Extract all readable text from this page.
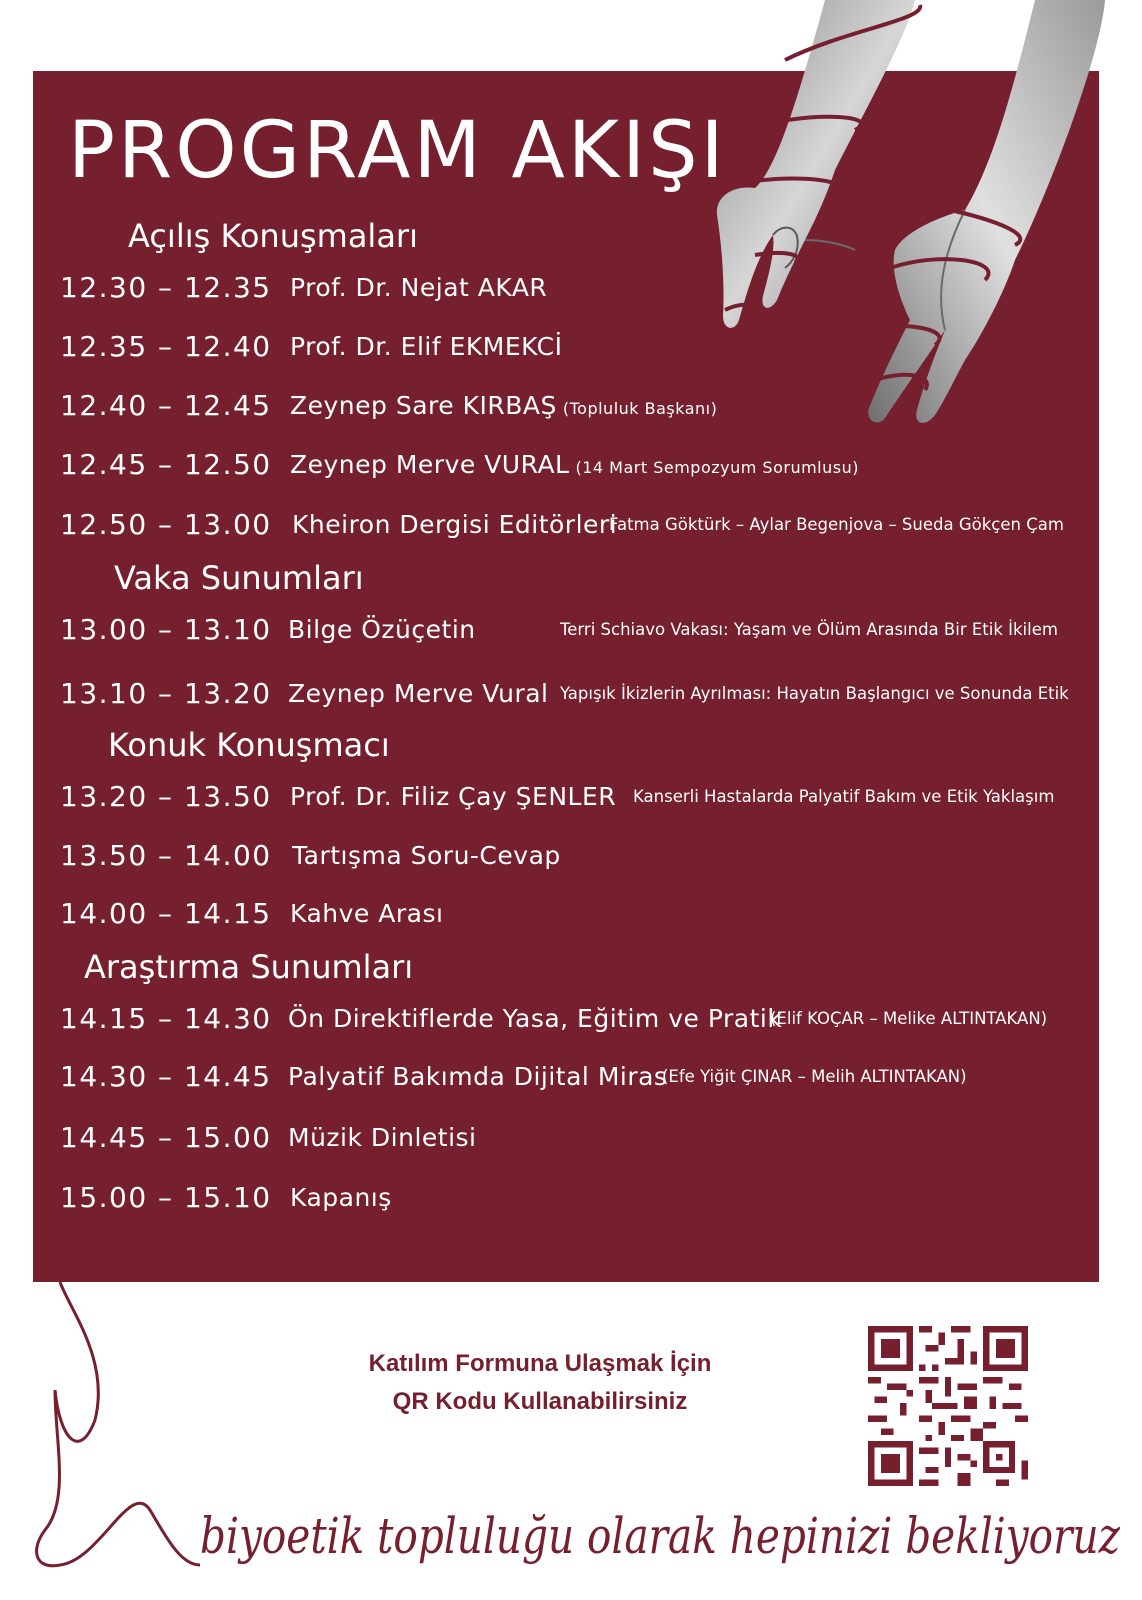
PROGRAM AKIŞI
Açılış Konuşmaları
Vaka Sunumları
Konuk Konuşmacı
Araştırma Sunumları
12.30 – 12.35 Prof. Dr. Nejat AKAR
12.35 – 12.40 Prof. Dr. Elif EKMEKCİ
12.40 – 12.45 Zeynep Sare KIRBAŞ (Topluluk Başkanı)
12.45 – 12.50 Zeynep Merve VURAL (14 Mart Sempozyum Sorumlusu)
12.50 – 13.00 Kheiron Dergisi Editörleri
Fatma Göktürk – Aylar Begenjova – Sueda Gökçen Çam
13.00 – 13.10 Bilge Özüçetin	Terri Schiavo Vakası: Yaşam ve Ölüm Arasında Bir Etik İkilem
13.10 – 13.20 Zeynep Merve Vural Yapışık İkizlerin Ayrılması: Hayatın Başlangıcı ve Sonunda Etik
13.20 – 13.50 Prof. Dr. Filiz Çay ŞENLER Kanserli Hastalarda Palyatif Bakım ve Etik Yaklaşım
13.50 – 14.00 Tartışma Soru-Cevap
14.00 – 14.15 Kahve Arası
14.15 – 14.30 Ön Direktiflerde Yasa, Eğitim ve Pratik
(Elif KOÇAR – Melike ALTINTAKAN)
14.30 – 14.45 Palyatif Bakımda Dijital Miras
(Efe Yiğit ÇINAR – Melih ALTINTAKAN)
14.45 – 15.00 Müzik Dinletisi
15.00 – 15.10 Kapanış
Katılım Formuna Ulaşmak İçin
QR Kodu Kullanabilirsiniz
biyoetik topluluğu olarak hepinizi bekliyoruz
